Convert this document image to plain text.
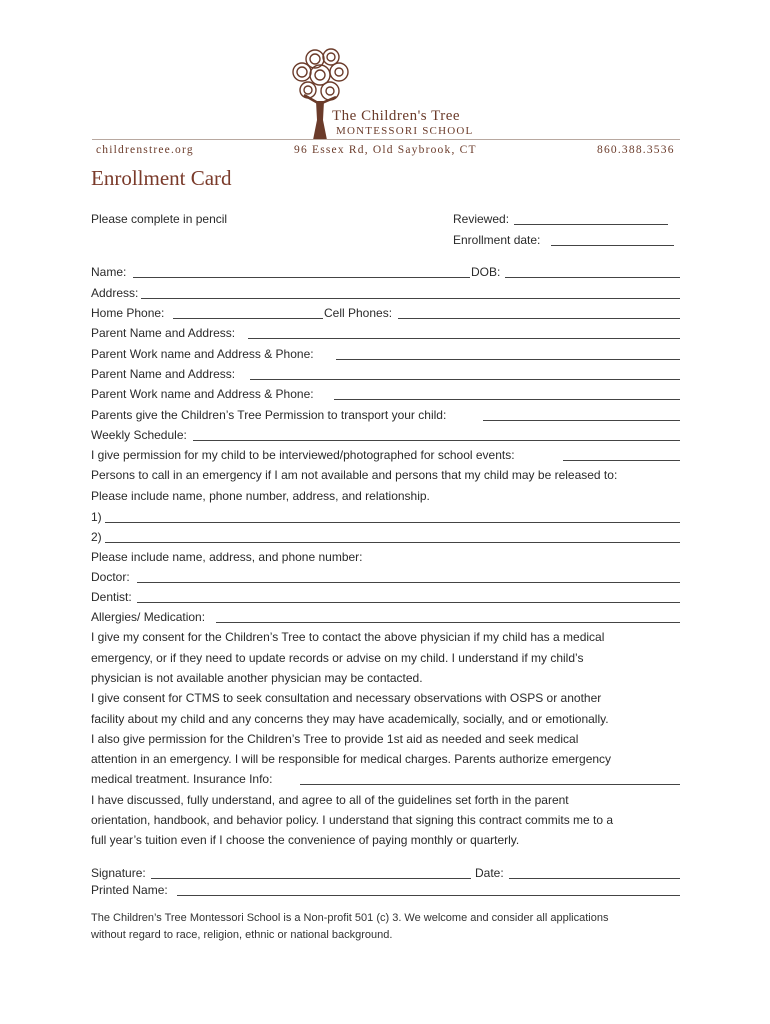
The Children's Tree
MONTESSORI SCHOOL
childrenstree.org	96 Essex Rd, Old Saybrook, CT	860.388.3536
Enrollment Card
Please complete in pencil	Reviewed:
Enrollment date:
Name:	DOB:
Address:
Home Phone:	Cell Phones:
Parent Name and Address:
Parent Work name and Address & Phone:
Parent Name and Address:
Parent Work name and Address & Phone:
Parents give the Children’s Tree Permission to transport your child:
Weekly Schedule:
I give permission for my child to be interviewed/photographed for school events:
Persons to call in an emergency if I am not available and persons that my child may be released to:
Please include name, phone number, address, and relationship.
1)
2)
Please include name, address, and phone number:
Doctor:
Dentist:
Allergies/ Medication:
I give my consent for the Children’s Tree to contact the above physician if my child has a medical
emergency, or if they need to update records or advise on my child. I understand if my child’s
physician is not available another physician may be contacted.
I give consent for CTMS to seek consultation and necessary observations with OSPS or another
facility about my child and any concerns they may have academically, socially, and or emotionally.
I also give permission for the Children’s Tree to provide 1st aid as needed and seek medical
attention in an emergency. I will be responsible for medical charges. Parents authorize emergency
medical treatment. Insurance Info:
I have discussed, fully understand, and agree to all of the guidelines set forth in the parent
orientation, handbook, and behavior policy. I understand that signing this contract commits me to a
full year’s tuition even if I choose the convenience of paying monthly or quarterly.
Signature:	Date:
Printed Name:
The Children’s Tree Montessori School is a Non-profit 501 (c) 3. We welcome and consider all applications
without regard to race, religion, ethnic or national background.
